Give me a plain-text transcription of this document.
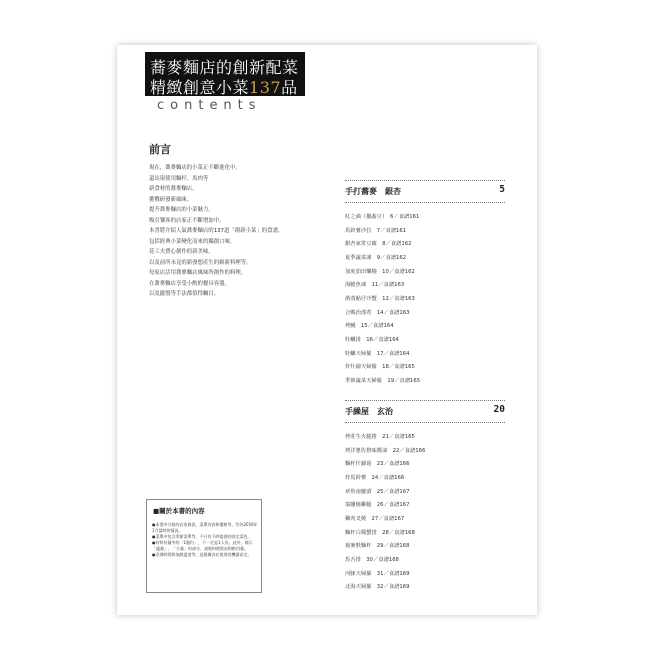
蕎麥麵店的創新配菜
精緻創意小菜137品
contents
前言
現在，蕎麥麵店的小菜正不斷進化中。
還出現使用麵杆、馬肉等
新食材的蕎麥麵店，
挑戰研發新風味。
提升蕎麥麵店的小菜魅力，
吸引饕客的店家正不斷增加中。
本書將介紹人氣蕎麥麵店的137道「創新小菜」的食譜，
包括經典小菜變化而來的獨創口味，
花工夫費心創作的新美味，
以及前所未見的新發想產生的嶄新料理等。
每家店活用蕎麥麵店風味所創作的料理，
在蕎麥麵店享受小酌的餐具容器，
以及擺盤等手法都值得矚目。
■關於本書的內容
●本書中介紹的店家資訊、菜單內容和價格等，均為2016年1月當時的情況。
●菜單中包含季節菜單等，不只有不時提供的固定菜色。
●材料份量中的「1盤份」，不一定是1人份。此外，標示「適量」、「少量」的部分，請視料理狀況斟酌用量。
●烹調時間和加熱溫度等，是根據各店使用的機器而定。
手打蕎麥　銀杏	5
紅之滴（鵝蕎豆）　6／食譜161
馬鈴薯沙拉　7／食譜161
銀杏家常豆腐　8／食譜162
夏季蔬菜凍　9／食譜162
加度茄田樂燒　10／食譜162
海膽魚凍　11／食譜163
酒蒸鮎仔冷蟹　12／食譜163
合鴨治部煮　14／食譜163
烤鰻　15／食譜164
牡蠣排　16／食譜164
牡蠣天婦羅　17／食譜164
炸什錦天婦羅　18／食譜165
季節蔬菜天婦羅　19／食譜165
手繰屋　玄治	20
烤莊生火腿捲　21／食譜165
烤洋蔥佐橙味醬油　22／食譜166
麵杆什錦菇　23／食譜166
炸馬鈴薯　24／食譜166
章魚南蠻漬　25／食譜167
翁鹽燒雞腿　26／食譜167
雞肉叉燒　27／食譜167
麵杆白醬蟹排　28／食譜168
蕎麥麩麵杆　29／食譜168
馬舌排　30／食譜168
河豚天婦羅　31／食譜169
北海天婦羅　32／食譜169
